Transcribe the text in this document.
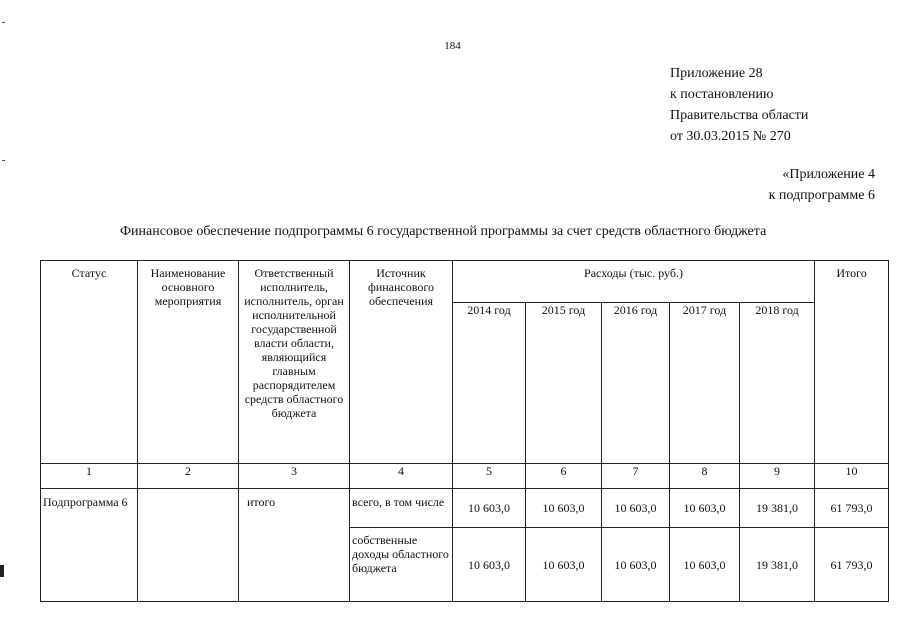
184
Приложение 28
к постановлению
Правительства области
от 30.03.2015 № 270
«Приложение 4
к подпрограмме 6
Финансовое обеспечение подпрограммы 6 государственной программы за счет средств областного бюджета
Статус	Наименование основного мероприятия	Ответственный исполнитель, исполнитель, орган исполнительной государственной власти области, являющийся главным распорядителем средств областного бюджета	Источник финансового обеспечения	Расходы (тыс. руб.)					Итого
				2014 год	2015 год	2016 год	2017 год	2018 год	
1	2	3	4	5	6	7	8	9	10
Подпрограмма 6		итого	всего, в том числе	10 603,0	10 603,0	10 603,0	10 603,0	19 381,0	61 793,0
			собственные доходы областного бюджета	10 603,0	10 603,0	10 603,0	10 603,0	19 381,0	61 793,0
